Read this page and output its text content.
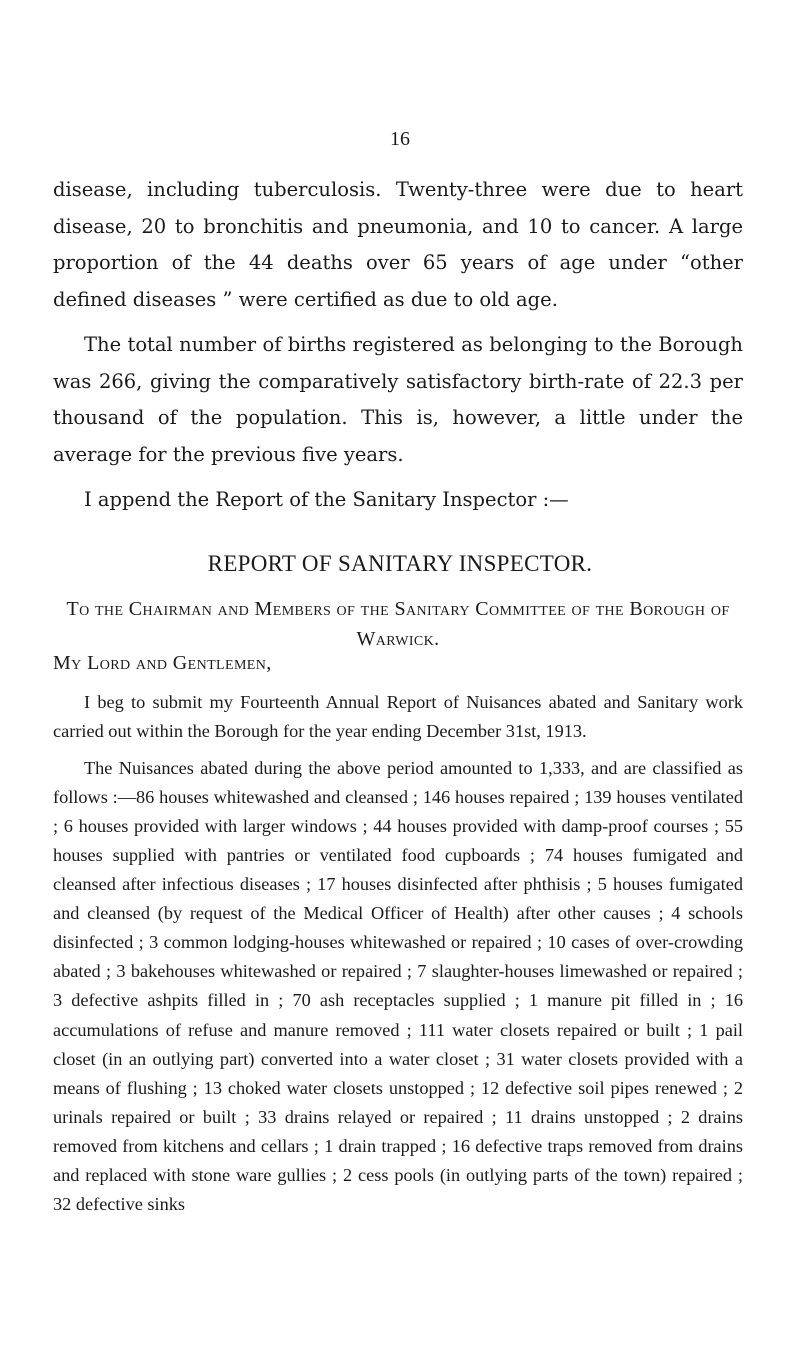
16

disease, including tuberculosis. Twenty-three were due to heart disease, 20 to bronchitis and pneumonia, and 10 to cancer. A large proportion of the 44 deaths over 65 years of age under “other defined diseases ” were certified as due to old age.

The total number of births registered as belonging to the Borough was 266, giving the comparatively satisfactory birth-rate of 22.3 per thousand of the population. This is, however, a little under the average for the previous five years.

I append the Report of the Sanitary Inspector :—

REPORT OF SANITARY INSPECTOR.
To the Chairman and Members of the Sanitary Committee of the Borough of Warwick.
My Lord and Gentlemen,

I beg to submit my Fourteenth Annual Report of Nuisances abated and Sanitary work carried out within the Borough for the year ending December 31st, 1913.

The Nuisances abated during the above period amounted to 1,333, and are classified as follows :—86 houses whitewashed and cleansed ; 146 houses repaired ; 139 houses ventilated ; 6 houses provided with larger windows ; 44 houses provided with damp-proof courses ; 55 houses supplied with pantries or ventilated food cupboards ; 74 houses fumigated and cleansed after infectious diseases ; 17 houses disinfected after phthisis ; 5 houses fumigated and cleansed (by request of the Medical Officer of Health) after other causes ; 4 schools disinfected ; 3 common lodging-houses whitewashed or repaired ; 10 cases of over-crowding abated ; 3 bakehouses whitewashed or repaired ; 7 slaughter-houses limewashed or repaired ; 3 defective ashpits filled in ; 70 ash receptacles supplied ; 1 manure pit filled in ; 16 accumulations of refuse and manure removed ; 111 water closets repaired or built ; 1 pail closet (in an outlying part) converted into a water closet ; 31 water closets provided with a means of flushing ; 13 choked water closets unstopped ; 12 defective soil pipes renewed ; 2 urinals repaired or built ; 33 drains relayed or repaired ; 11 drains unstopped ; 2 drains removed from kitchens and cellars ; 1 drain trapped ; 16 defective traps removed from drains and replaced with stone ware gullies ; 2 cess pools (in outlying parts of the town) repaired ; 32 defective sinks
